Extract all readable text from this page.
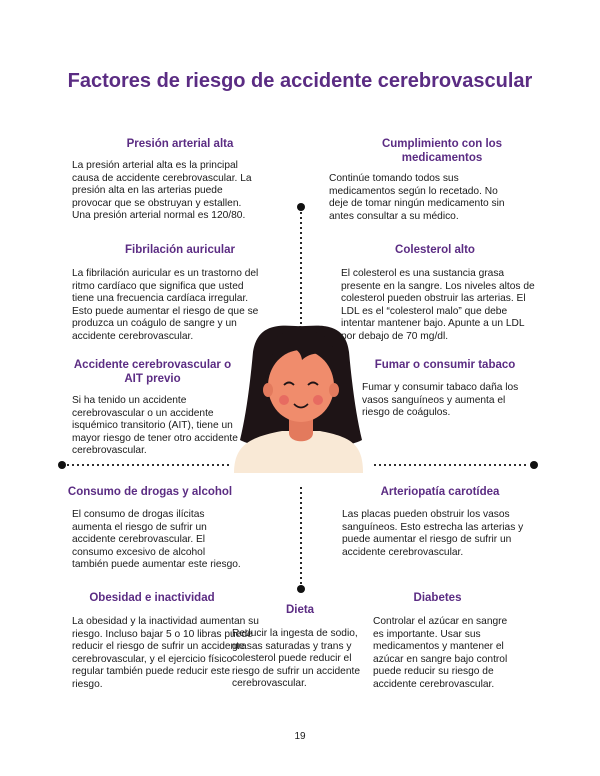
Factores de riesgo de accidente cerebrovascular
Presión arterial alta

La presión arterial alta es la principal causa de accidente cerebrovascular. La presión alta en las arterias puede provocar que se obstruyan y estallen. Una presión arterial normal es 120/80.

Cumplimiento con los medicamentos

Continúe tomando todos sus medicamentos según lo recetado. No deje de tomar ningún medicamento sin antes consultar a su médico.

Fibrilación auricular

La fibrilación auricular es un trastorno del ritmo cardíaco que significa que usted tiene una frecuencia cardíaca irregular. Esto puede aumentar el riesgo de que se produzca un coágulo de sangre y un accidente cerebrovascular.

Colesterol alto

El colesterol es una sustancia grasa presente en la sangre. Los niveles altos de colesterol pueden obstruir las arterias. El LDL es el “colesterol malo” que debe intentar mantener bajo. Apunte a un LDL por debajo de 70 mg/dl.

Accidente cerebrovascular o AIT previo

Si ha tenido un accidente cerebrovascular o un accidente isquémico transitorio (AIT), tiene un mayor riesgo de tener otro accidente cerebrovascular.

Fumar o consumir tabaco

Fumar y consumir tabaco daña los vasos sanguíneos y aumenta el riesgo de coágulos.

Consumo de drogas y alcohol

El consumo de drogas ilícitas aumenta el riesgo de sufrir un accidente cerebrovascular. El consumo excesivo de alcohol también puede aumentar este riesgo.

Arteriopatía carotídea

Las placas pueden obstruir los vasos sanguíneos. Esto estrecha las arterias y puede aumentar el riesgo de sufrir un accidente cerebrovascular.

Obesidad e inactividad

La obesidad y la inactividad aumentan su riesgo. Incluso bajar 5 o 10 libras puede reducir el riesgo de sufrir un accidente cerebrovascular, y el ejercicio físico regular también puede reducir este riesgo.

Dieta

Reducir la ingesta de sodio, grasas saturadas y trans y colesterol puede reducir el riesgo de sufrir un accidente cerebrovascular.

Diabetes

Controlar el azúcar en sangre es importante. Usar sus medicamentos y mantener el azúcar en sangre bajo control puede reducir su riesgo de accidente cerebrovascular.

19
